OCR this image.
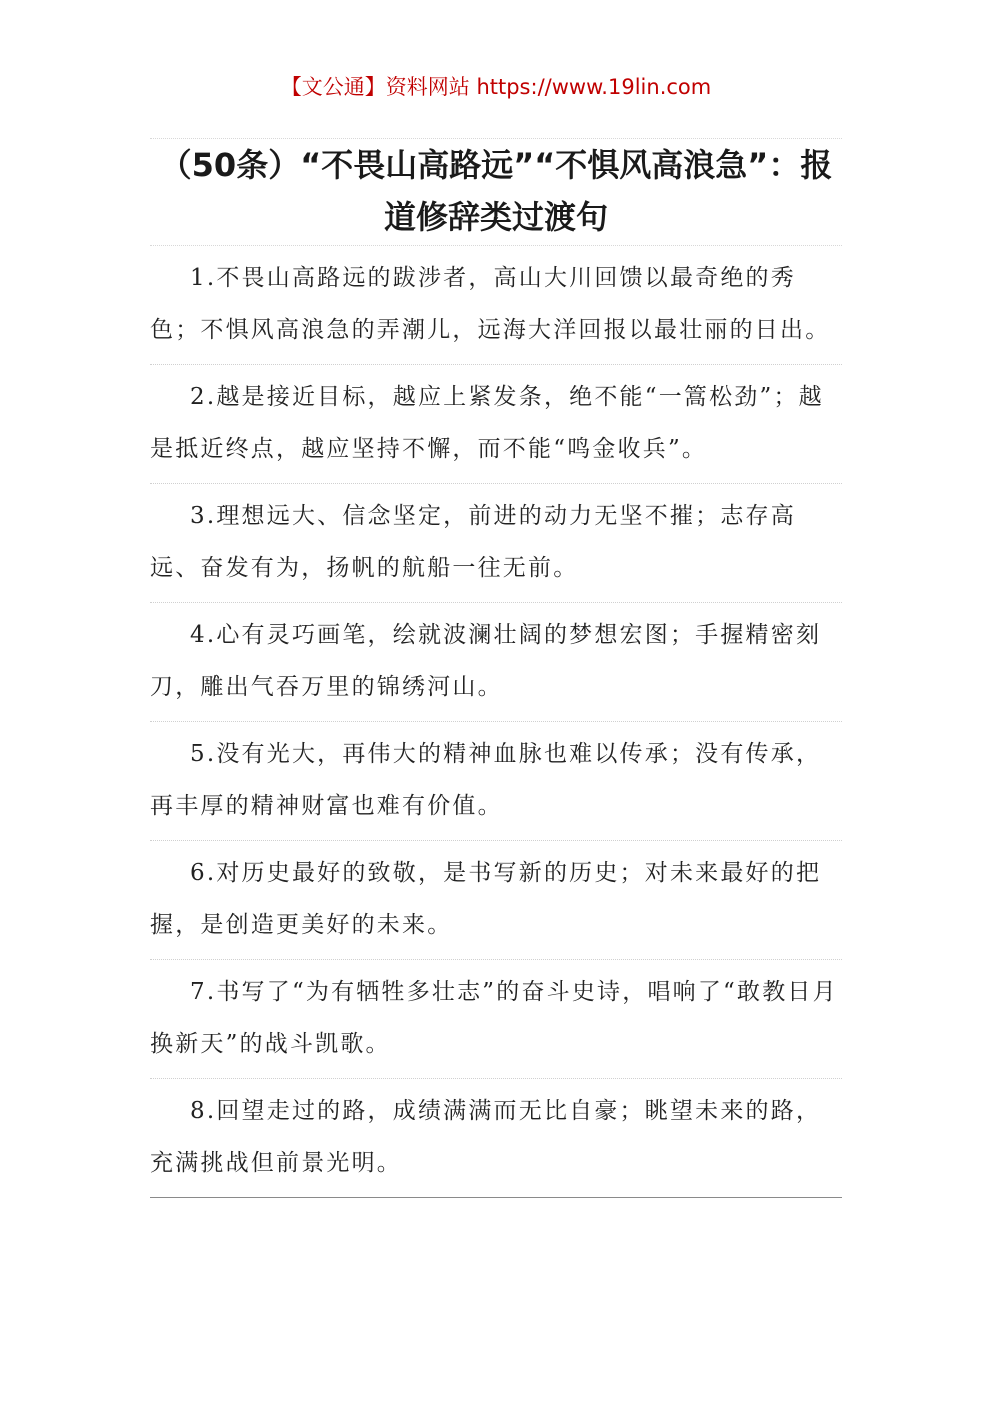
【文公通】资料网站 https://www.19lin.com
（50条）“不畏山高路远”“不惧风高浪急”：报道修辞类过渡句

1.不畏山高路远的跋涉者，高山大川回馈以最奇绝的秀色；不惧风高浪急的弄潮儿，远海大洋回报以最壮丽的日出。

2.越是接近目标，越应上紧发条，绝不能“一篙松劲”；越是抵近终点，越应坚持不懈，而不能“鸣金收兵”。

3.理想远大、信念坚定，前进的动力无坚不摧；志存高远、奋发有为，扬帆的航船一往无前。

4.心有灵巧画笔，绘就波澜壮阔的梦想宏图；手握精密刻刀，雕出气吞万里的锦绣河山。

5.没有光大，再伟大的精神血脉也难以传承；没有传承，再丰厚的精神财富也难有价值。

6.对历史最好的致敬，是书写新的历史；对未来最好的把握，是创造更美好的未来。

7.书写了“为有牺牲多壮志”的奋斗史诗，唱响了“敢教日月换新天”的战斗凯歌。

8.回望走过的路，成绩满满而无比自豪；眺望未来的路，充满挑战但前景光明。
